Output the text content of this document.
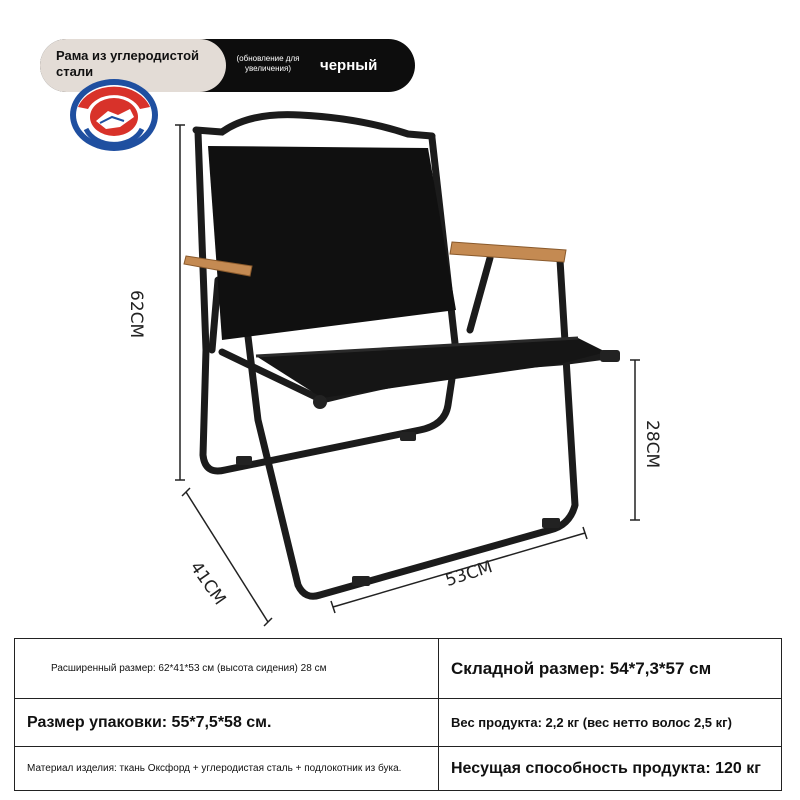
Рама из углеродистой стали
(обновление для увеличения)	черный
62CM
28CM
41CM	53CM
Расширенный размер: 62*41*53 см (высота сидения) 28 см	Складной размер: 54*7,3*57 см
Размер упаковки: 55*7,5*58 см.	Вес продукта: 2,2 кг (вес нетто волос 2,5 кг)
Материал изделия: ткань Оксфорд + углеродистая сталь + подлокотник из бука.	Несущая способность продукта: 120 кг
